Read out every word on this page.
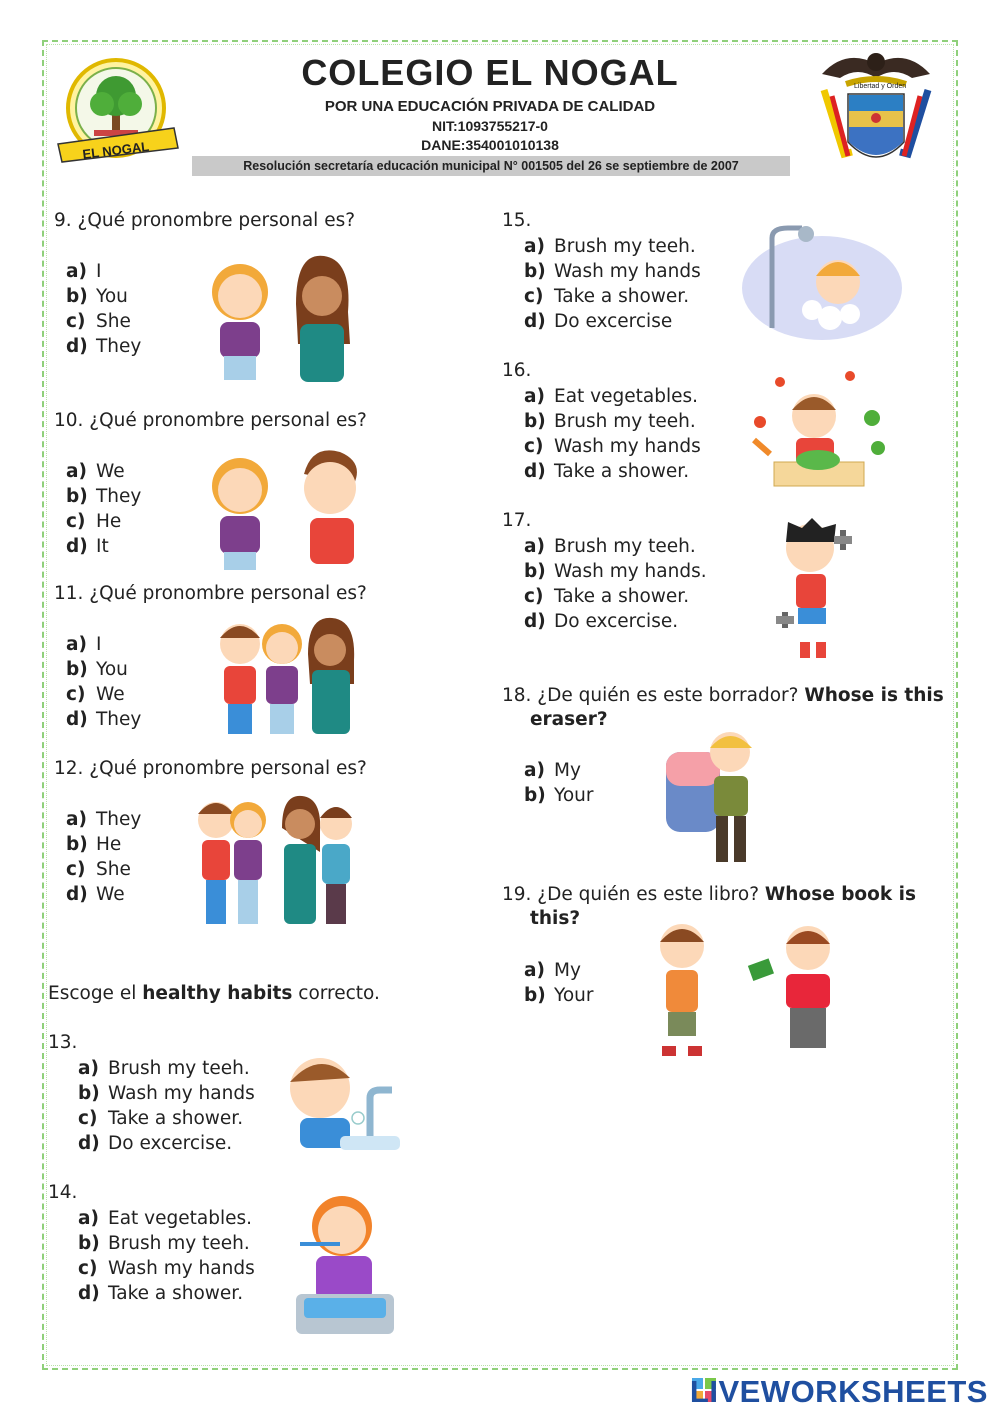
EL NOGAL
COLEGIO EL NOGAL
POR UNA EDUCACIÓN PRIVADA DE CALIDAD
NIT:1093755217-0
DANE:354001010138
Resolución secretaría educación municipal N° 001505 del 26 se septiembre de 2007
Libertad y Orden
9. ¿Qué pronombre personal es?
a) I
b) You
c) She
d) They
10. ¿Qué pronombre personal es?
a) We
b) They
c) He
d) It
11. ¿Qué pronombre personal es?
a) I
b) You
c) We
d) They
12. ¿Qué pronombre personal es?
a) They
b) He
c) She
d) We
Escoge el healthy habits correcto.
13.
a) Brush my teeh.
b) Wash my hands
c) Take a shower.
d) Do excercise.
14.
a) Eat vegetables.
b) Brush my teeh.
c) Wash my hands
d) Take a shower.
15.
a) Brush my teeh.
b) Wash my hands
c) Take a shower.
d) Do excercise
16.
a) Eat vegetables.
b) Brush my teeh.
c) Wash my hands
d) Take a shower.
17.
a) Brush my teeh.
b) Wash my hands.
c) Take a shower.
d) Do excercise.
18. ¿De quién es este borrador? Whose is this
eraser?
a) My
b) Your
19. ¿De quién es este libro? Whose book is
this?
a) My
b) Your
LIVEWORKSHEETS
